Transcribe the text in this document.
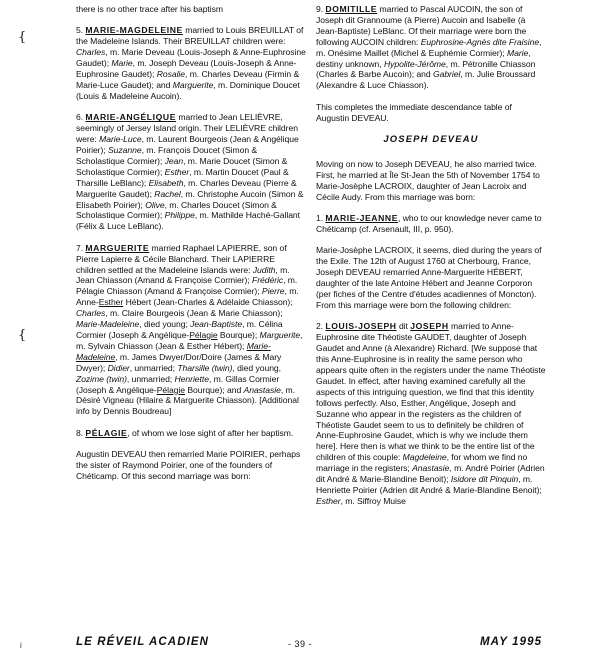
{
{

there is no other trace after his baptism

5. MARIE-MAGDELEINE married to Louis BREUILLAT of the Madeleine Islands. Their BREUILLAT children were: Charles, m. Marie Deveau (Louis-Joseph & Anne-Euphrosine Gaudet); Marie, m. Joseph Deveau (Louis-Joseph & Anne-Euphrosine Gaudet); Rosalie, m. Charles Deveau (Firmin & Marie-Luce Gaudet); and Marguerite, m. Dominique Doucet (Louis & Madeleine Aucoin).

6. MARIE-ANGÉLIQUE married to Jean LELIÈVRE, seemingly of Jersey Island origin. Their LELIÈVRE children were: Marie-Luce, m. Laurent Bourgeois (Jean & Angélique Poirier); Suzanne, m. François Doucet (Simon & Scholastique Cormier); Jean, m. Marie Doucet (Simon & Scholastique Cormier); Esther, m. Martin Doucet (Paul & Tharsille LeBlanc); Elisabeth, m. Charles Deveau (Pierre & Marguerite Gaudet); Rachel, m. Christophe Aucoin (Simon & Elisabeth Poirier); Olive, m. Charles Doucet (Simon & Scholastique Cormier); Philippe, m. Mathilde Haché-Gallant (Félix & Luce LeBlanc).

7. MARGUERITE married Raphael LAPIERRE, son of Pierre Lapierre & Cécile Blanchard. Their LAPIERRE children settled at the Madeleine Islands were: Judith, m. Jean Chiasson (Amand & Françoise Cormier); Frédéric, m. Pélagie Chiasson (Amand & Françoise Cormier); Pierre, m. Anne-Esther Hébert (Jean-Charles & Adélaide Chiasson); Charles, m. Claire Bourgeois (Jean & Marie Chiasson); Marie-Madeleine, died young; Jean-Baptiste, m. Célina Cormier (Joseph & Angélique-Pélagie Bourque); Marguerite, m. Sylvain Chiasson (Jean & Esther Hébert); Marie-Madeleine, m. James Dwyer/Dor/Doire (James & Mary Dwyer); Didier, unmarried; Tharsille (twin), died young, Zozime (twin), unmarried; Henriette, m. Gillas Cormier (Joseph & Angélique-Pélagie Bourque); and Anastasie, m. Désiré Vigneau (Hilaire & Marguerite Chiasson). [Additional info by Dennis Boudreau]

8. PÉLAGIE, of whom we lose sight of after her baptism.

Augustin DEVEAU then remarried Marie POIRIER, perhaps the sister of Raymond Poirier, one of the founders of Chéticamp. Of this second marriage was born:

9. DOMITILLE married to Pascal AUCOIN, the son of Joseph dit Grannoume (à Pierre) Aucoin and Isabelle (à Jean-Baptiste) LeBlanc. Of their marriage were born the following AUCOIN children: Euphrosine-Agnès dite Fraisine, m. Onésime Maillet (Michel & Euphémie Cormier); Marie, destiny unknown, Hypolite-Jérôme, m. Pétronille Chiasson (Charles & Barbe Aucoin); and Gabriel, m. Julie Broussard (Alexandre & Luce Chiasson).

This completes the immediate descendance table of Augustin DEVEAU.

JOSEPH DEVEAU

Moving on now to Joseph DEVEAU, he also married twice. First, he married at Île St-Jean the 5th of November 1754 to Marie-Josèphe LACROIX, daughter of Jean Lacroix and Cécile Audy. From this marriage was born:

1. MARIE-JEANNE, who to our knowledge never came to Chéticamp (cf. Arsenault, III, p. 950).

Marie-Josèphe LACROIX, it seems, died during the years of the Exile. The 12th of August 1760 at Cherbourg, France, Joseph DEVEAU remarried Anne-Marguerite HÉBERT, daughter of the late Antoine Hébert and Jeanne Corporon (per fiches of the Centre d'études acadiennes of Moncton). From this marriage were born the following children:

2. LOUIS-JOSEPH dit JOSEPH married to Anne-Euphrosine dite Théotiste GAUDET, daughter of Joseph Gaudet and Anne (à Alexandre) Richard. [We suppose that this Anne-Euphrosine is in reality the same person who appears quite often in the registers under the name Théotiste Gaudet. In effect, after having examined carefully all the aspects of this intriguing question, we find that this identity follows perfectly. Also, Esther, Angélique, Joseph and Suzanne who appear in the registers as the children of Théotiste Gaudet seem to us to definitely be children of Anne-Euphrosine Gaudet, which is why we include them here]. Here then is what we think to be the entire list of the children of this couple: Magdeleine, for whom we find no marriage in the registers; Anastasie, m. André Poirier (Adrien dit André & Marie-Blandine Benoit); Isidore dit Pinquin, m. Henriette Poirier (Adrien dit André & Marie-Blandine Benoit); Esther, m. Siffroy Muise

i	LE RÉVEIL ACADIEN	- 39 -	MAY 1995
